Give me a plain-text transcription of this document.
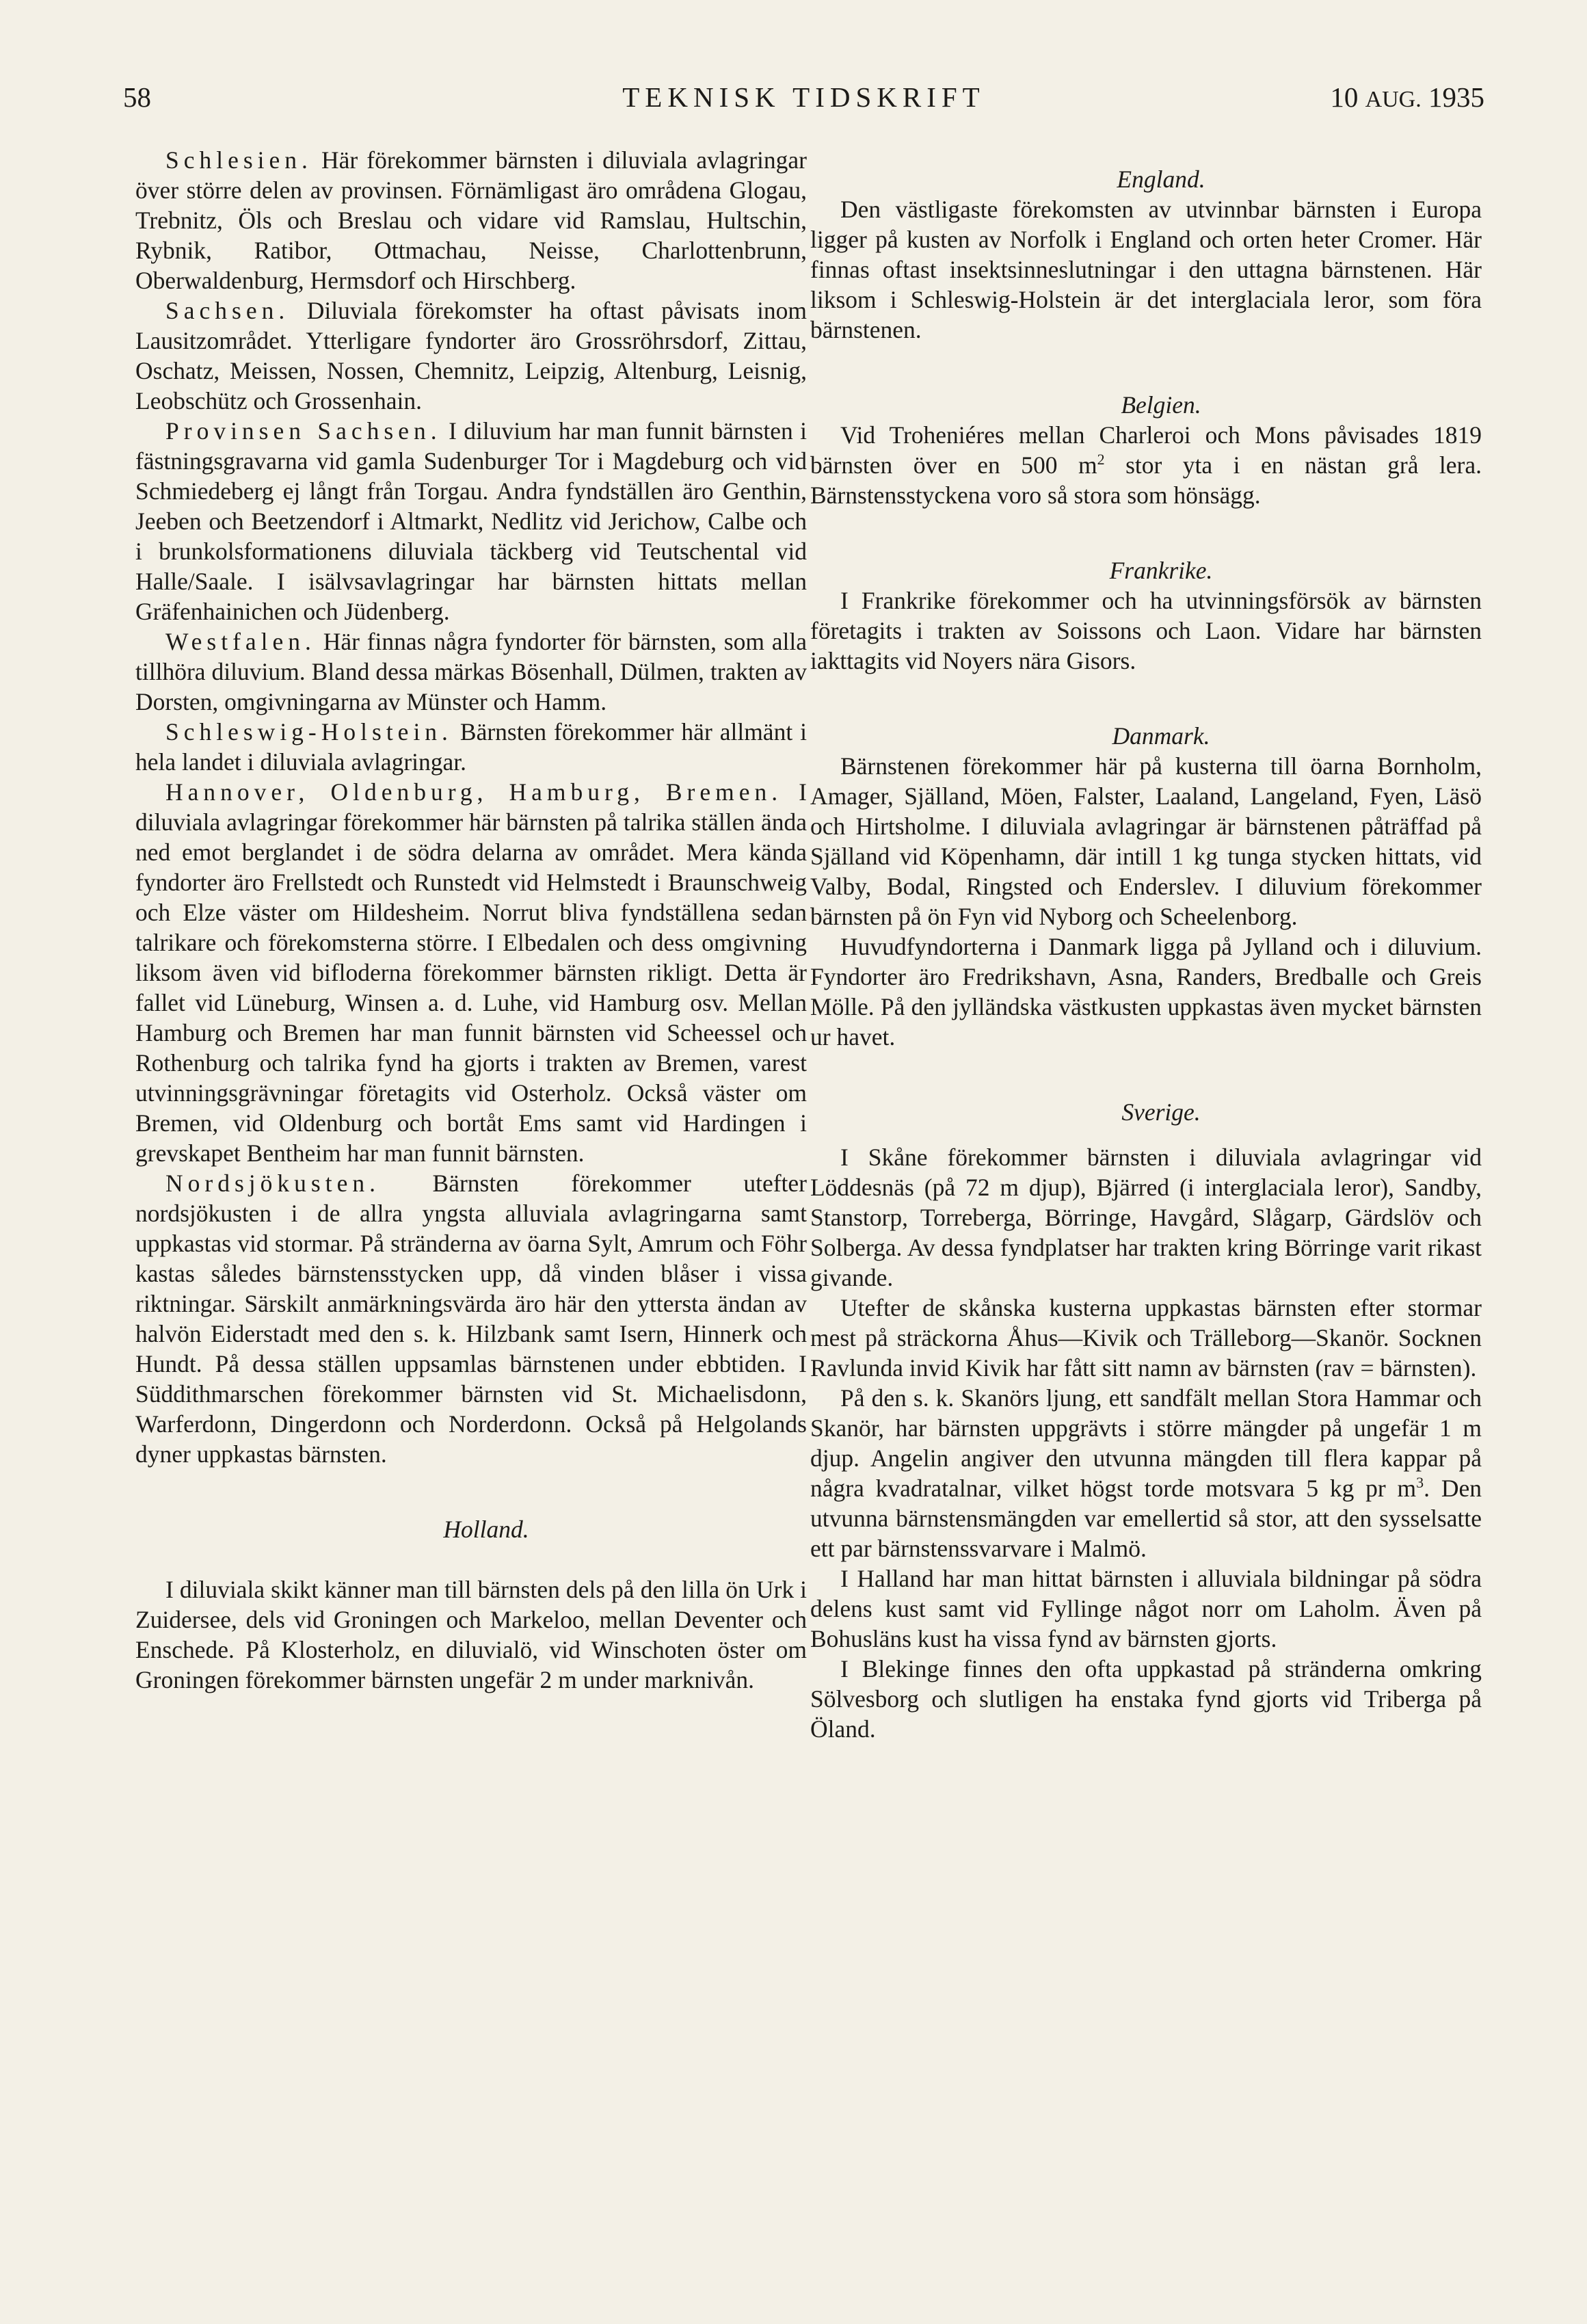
58	TEKNISK TIDSKRIFT	10 AUG. 1935

Schlesien. Här förekommer bärnsten i diluviala avlagringar över större delen av provinsen. Förnämligast äro områdena Glogau, Trebnitz, Öls och Breslau och vidare vid Ramslau, Hultschin, Rybnik, Ratibor, Ottmachau, Neisse, Charlottenbrunn, Oberwaldenburg, Hermsdorf och Hirschberg.

Sachsen. Diluviala förekomster ha oftast påvisats inom Lausitzområdet. Ytterligare fyndorter äro Grossröhrsdorf, Zittau, Oschatz, Meissen, Nossen, Chemnitz, Leipzig, Altenburg, Leisnig, Leobschütz och Grossenhain.

Provinsen Sachsen. I diluvium har man funnit bärnsten i fästningsgravarna vid gamla Sudenburger Tor i Magdeburg och vid Schmiedeberg ej långt från Torgau. Andra fyndställen äro Genthin, Jeeben och Beetzendorf i Altmarkt, Nedlitz vid Jerichow, Calbe och i brunkolsformationens diluviala täckberg vid Teutschental vid Halle/Saale. I isälvsavlagringar har bärnsten hittats mellan Gräfenhainichen och Jüdenberg.

Westfalen. Här finnas några fyndorter för bärnsten, som alla tillhöra diluvium. Bland dessa märkas Bösenhall, Dülmen, trakten av Dorsten, omgivningarna av Münster och Hamm.

Schleswig-Holstein. Bärnsten förekommer här allmänt i hela landet i diluviala avlagringar.

Hannover, Oldenburg, Hamburg, Bremen. I diluviala avlagringar förekommer här bärnsten på talrika ställen ända ned emot berglandet i de södra delarna av området. Mera kända fyndorter äro Frellstedt och Runstedt vid Helmstedt i Braunschweig och Elze väster om Hildesheim. Norrut bliva fyndställena sedan talrikare och förekomsterna större. I Elbedalen och dess omgivning liksom även vid bifloderna förekommer bärnsten rikligt. Detta är fallet vid Lüneburg, Winsen a. d. Luhe, vid Hamburg osv. Mellan Hamburg och Bremen har man funnit bärnsten vid Scheessel och Rothenburg och talrika fynd ha gjorts i trakten av Bremen, varest utvinningsgrävningar företagits vid Osterholz. Också väster om Bremen, vid Oldenburg och bortåt Ems samt vid Hardingen i grevskapet Bentheim har man funnit bärnsten.

Nordsjökusten. Bärnsten förekommer utefter nordsjökusten i de allra yngsta alluviala avlagringarna samt uppkastas vid stormar. På stränderna av öarna Sylt, Amrum och Föhr kastas således bärnstensstycken upp, då vinden blåser i vissa riktningar. Särskilt anmärkningsvärda äro här den yttersta ändan av halvön Eiderstadt med den s. k. Hilzbank samt Isern, Hinnerk och Hundt. På dessa ställen uppsamlas bärnstenen under ebbtiden. I Süddithmarschen förekommer bärnsten vid St. Michaelisdonn, Warferdonn, Dingerdonn och Norderdonn. Också på Helgolands dyner uppkastas bärnsten.

Holland.

I diluviala skikt känner man till bärnsten dels på den lilla ön Urk i Zuidersee, dels vid Groningen och Markeloo, mellan Deventer och Enschede. På Klosterholz, en diluvialö, vid Winschoten öster om Groningen förekommer bärnsten ungefär 2 m under marknivån.

England.

Den västligaste förekomsten av utvinnbar bärnsten i Europa ligger på kusten av Norfolk i England och orten heter Cromer. Här finnas oftast insektsinneslutningar i den uttagna bärnstenen. Här liksom i Schleswig-Holstein är det interglaciala leror, som föra bärnstenen.

Belgien.

Vid Troheniéres mellan Charleroi och Mons påvisades 1819 bärnsten över en 500 $m^2$ stor yta i en nästan grå lera. Bärnstensstyckena voro så stora som hönsägg.

Frankrike.

I Frankrike förekommer och ha utvinningsförsök av bärnsten företagits i trakten av Soissons och Laon. Vidare har bärnsten iakttagits vid Noyers nära Gisors.

Danmark.

Bärnstenen förekommer här på kusterna till öarna Bornholm, Amager, Själland, Möen, Falster, Laaland, Langeland, Fyen, Läsö och Hirtsholme. I diluviala avlagringar är bärnstenen påträffad på Själland vid Köpenhamn, där intill 1 kg tunga stycken hittats, vid Valby, Bodal, Ringsted och Enderslev. I diluvium förekommer bärnsten på ön Fyn vid Nyborg och Scheelenborg.

Huvudfyndorterna i Danmark ligga på Jylland och i diluvium. Fyndorter äro Fredrikshavn, Asna, Randers, Bredballe och Greis Mölle. På den jylländska västkusten uppkastas även mycket bärnsten ur havet.

Sverige.

I Skåne förekommer bärnsten i diluviala avlagringar vid Löddesnäs (på 72 m djup), Bjärred (i interglaciala leror), Sandby, Stanstorp, Torreberga, Börringe, Havgård, Slågarp, Gärdslöv och Solberga. Av dessa fyndplatser har trakten kring Börringe varit rikast givande.

Utefter de skånska kusterna uppkastas bärnsten efter stormar mest på sträckorna Åhus—Kivik och Trälleborg—Skanör. Socknen Ravlunda invid Kivik har fått sitt namn av bärnsten (rav = bärnsten).

På den s. k. Skanörs ljung, ett sandfält mellan Stora Hammar och Skanör, har bärnsten uppgrävts i större mängder på ungefär 1 m djup. Angelin angiver den utvunna mängden till flera kappar på några kvadratalnar, vilket högst torde motsvara 5 kg pr $m^3$. Den utvunna bärnstensmängden var emellertid så stor, att den sysselsatte ett par bärnstenssvarvare i Malmö.

I Halland har man hittat bärnsten i alluviala bildningar på södra delens kust samt vid Fyllinge något norr om Laholm. Även på Bohusläns kust ha vissa fynd av bärnsten gjorts.

I Blekinge finnes den ofta uppkastad på stränderna omkring Sölvesborg och slutligen ha enstaka fynd gjorts vid Triberga på Öland.
